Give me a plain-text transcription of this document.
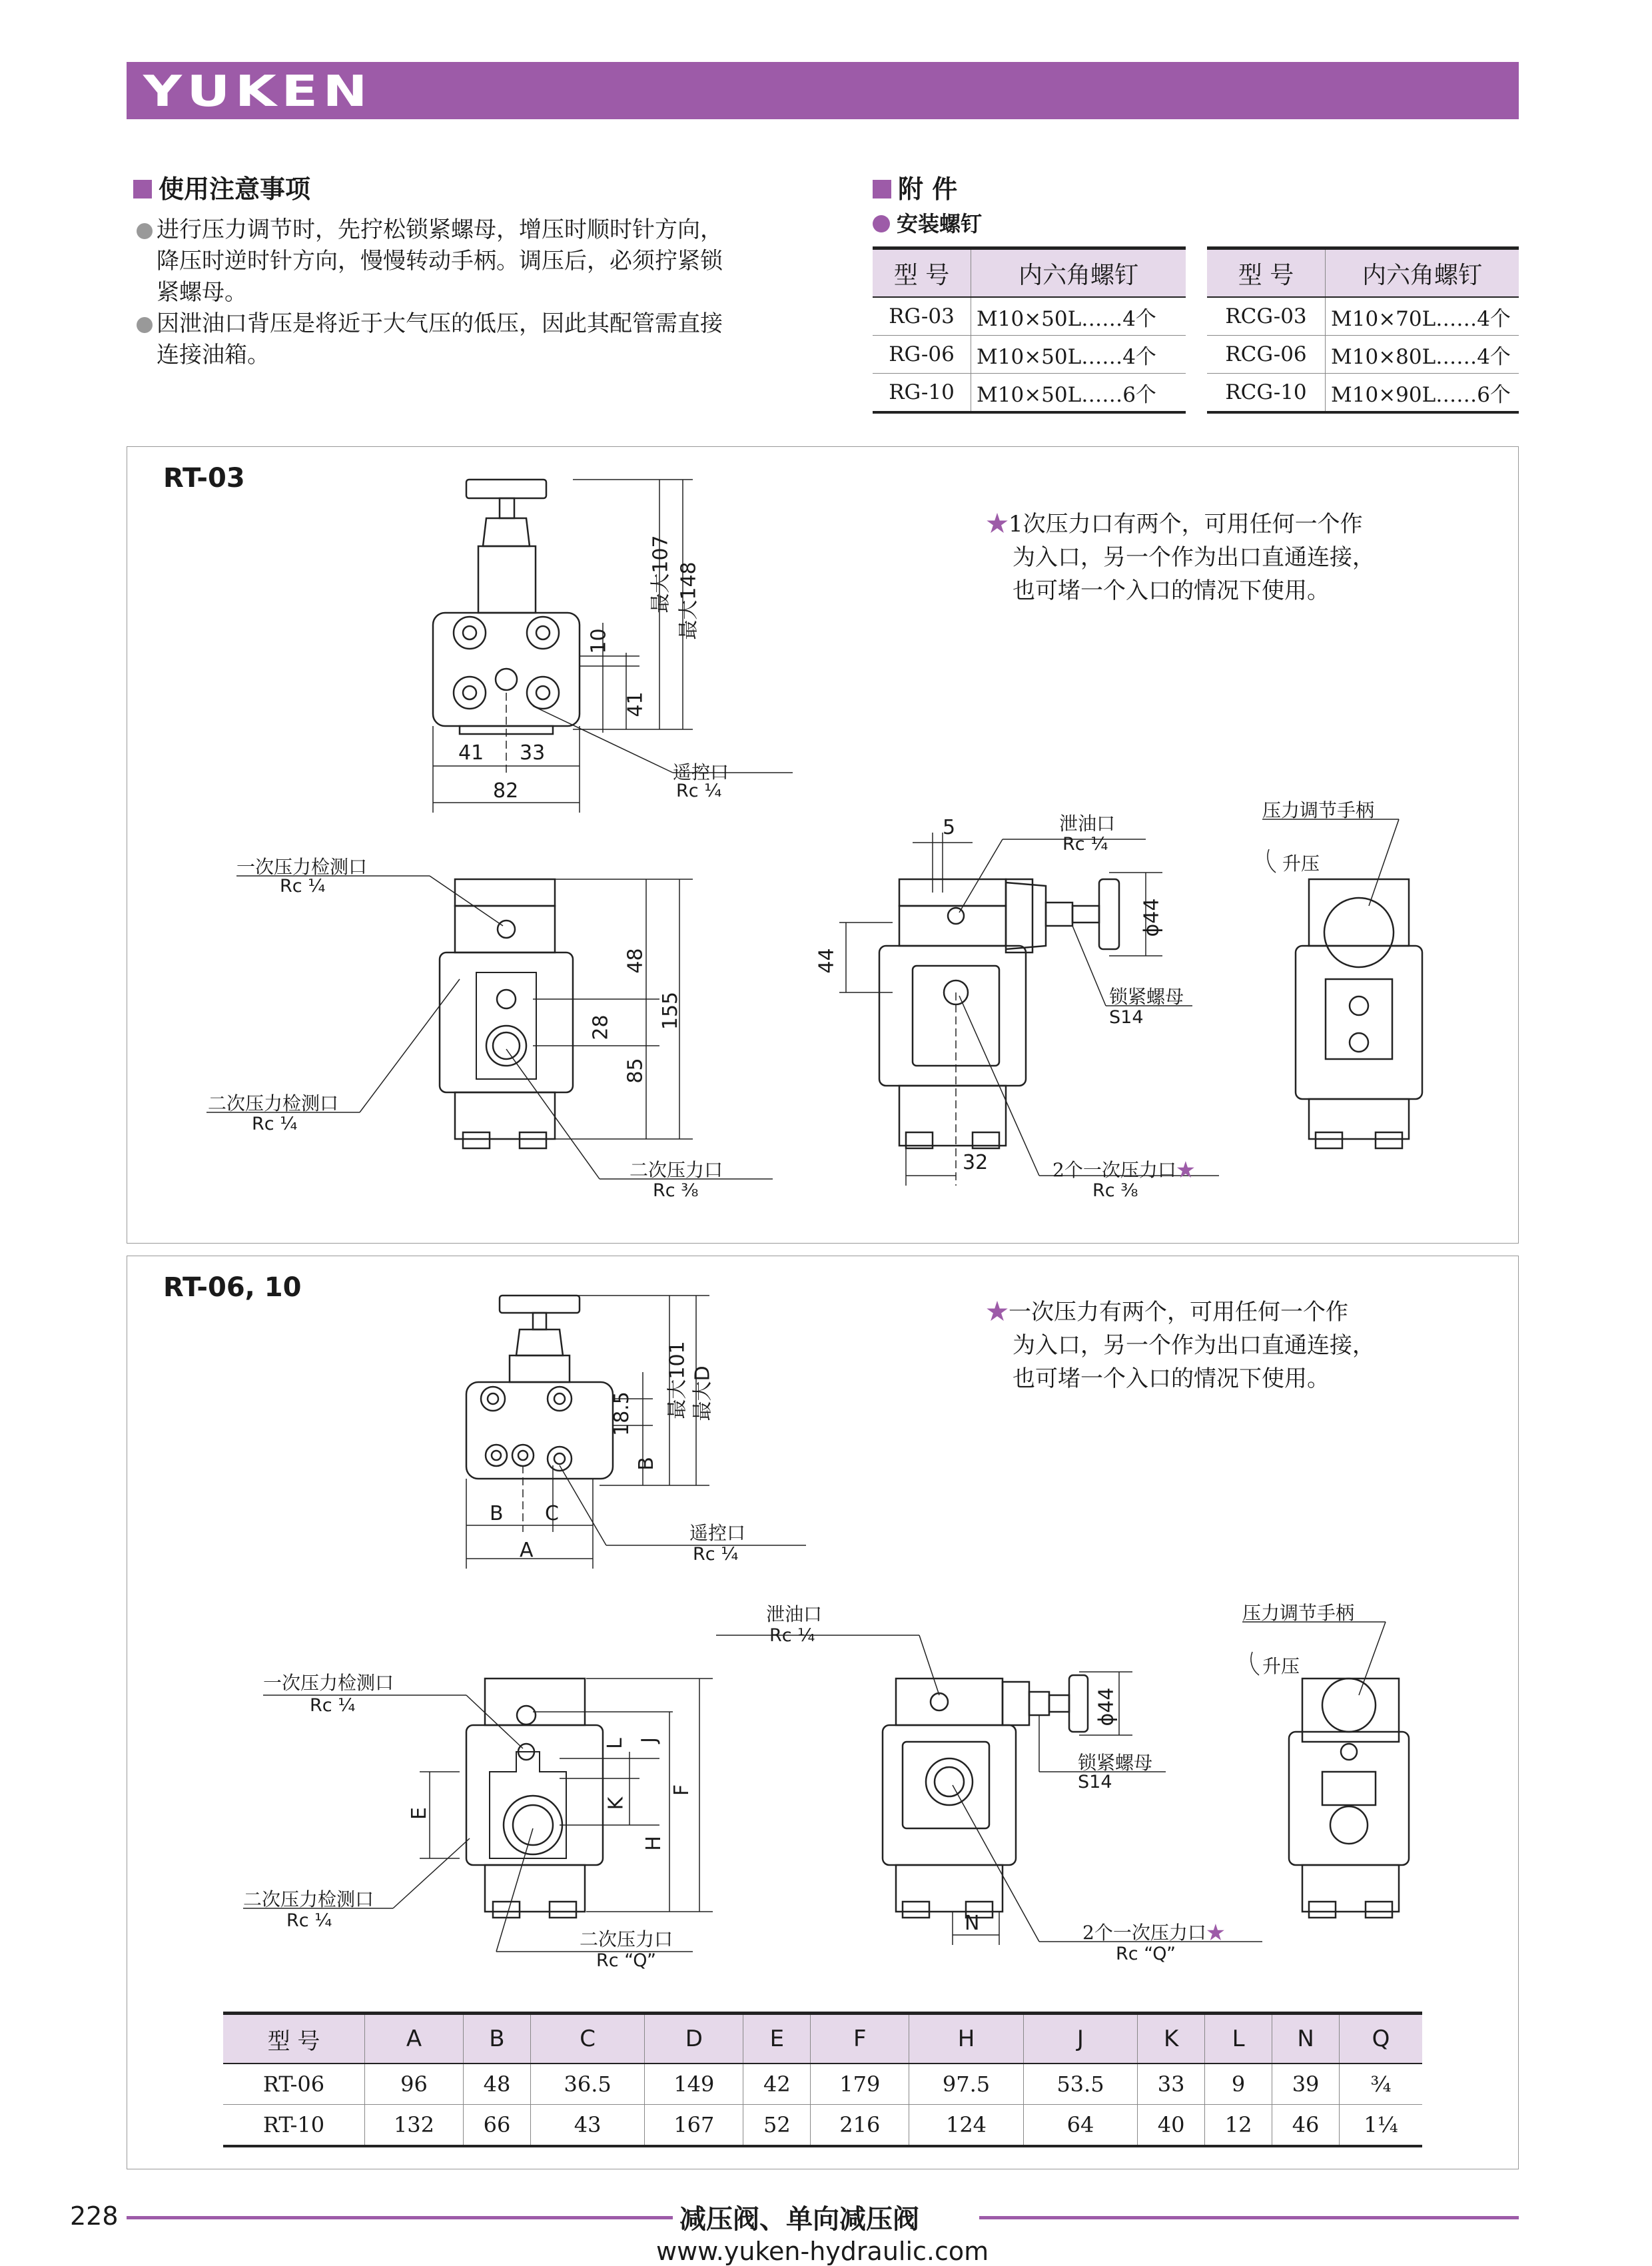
YUKEN
使用注意事项

进行压力调节时，先拧松锁紧螺母，增压时顺时针方向，

降压时逆时针方向，慢慢转动手柄。调压后，必须拧紧锁

紧螺母。

因泄油口背压是将近于大气压的低压，因此其配管需直接

连接油箱。

附 件
安装螺钉
型 号	内六角螺钉
RG-03	M10×50L……4个
RG-06	M10×50L……4个
RG-10	M10×50L……6个
型 号	内六角螺钉
RCG-03	M10×70L……4个
RCG-06	M10×80L……4个
RCG-10	M10×90L……6个
RT-03
★1次压力口有两个，可用任何一个作
为入口，另一个作为出口直通连接，
也可堵一个入口的情况下使用。
最大107 最大148
10
41
41 33
82
遥控口
Rc ¼
48
28
85
155
一次压力检测口
Rc ¼
二次压力检测口
Rc ¼
二次压力口
Rc ⅜
5	泄油口
Rc ¼
44
ϕ44
锁紧螺母
S14
32	2个一次压力口★
Rc ⅜
压力调节手柄
升压
RT-06, 10
★一次压力有两个，可用任何一个作
为入口，另一个作为出口直通连接，
也可堵一个入口的情况下使用。
最大101 最大D
18.5
B
B C
A
遥控口
Rc ¼
一次压力检测口
Rc ¼
二次压力检测口
Rc ¼
二次压力口
Rc “Q”
E
L
K
J
H
F
泄油口
Rc ¼
ϕ44
锁紧螺母
S14
N	2个一次压力口★
Rc “Q”
压力调节手柄
升压
型 号	A	B	C	D	E	F	H	J	K	L	N	Q
RT-06	96	48	36.5	149	42	179	97.5	53.5	33	9	39	¾
RT-10	132	66	43	167	52	216	124	64	40	12	46	1¼
228	减压阀、单向减压阀
www.yuken-hydraulic.com
